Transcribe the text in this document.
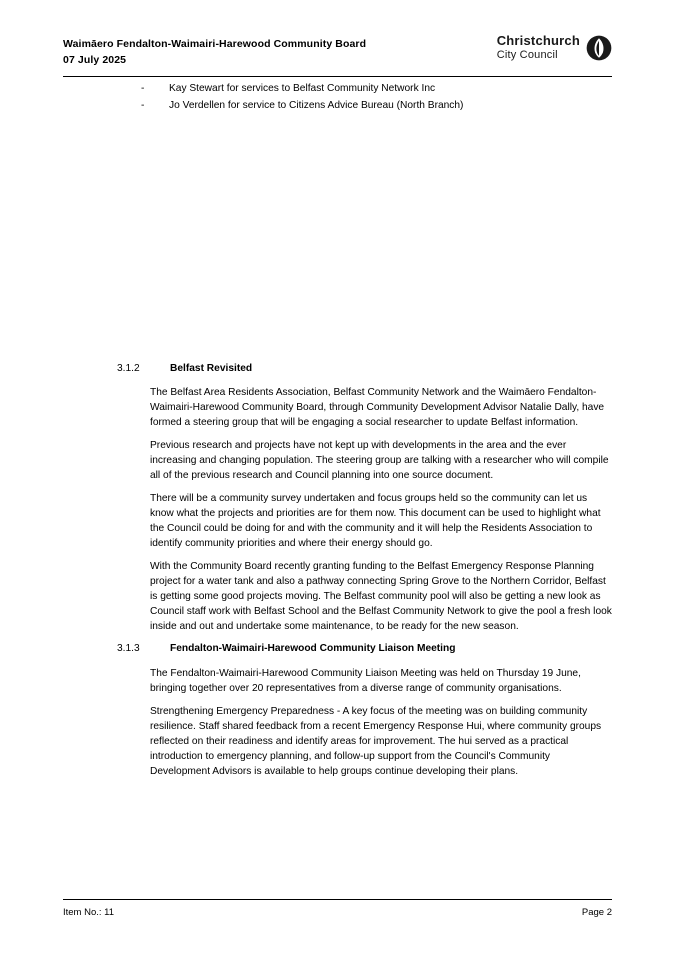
Waimāero Fendalton-Waimairi-Harewood Community Board
07 July 2025
Christchurch
City Council
-	Kay Stewart for services to Belfast Community Network Inc
-	Jo Verdellen for service to Citizens Advice Bureau (North Branch)
3.1.2	Belfast Revisited

The Belfast Area Residents Association, Belfast Community Network and the Waimāero Fendalton-Waimairi-Harewood Community Board, through Community Development Advisor Natalie Dally, have formed a steering group that will be engaging a social researcher to update Belfast information.

Previous research and projects have not kept up with developments in the area and the ever increasing and changing population. The steering group are talking with a researcher who will compile all of the previous research and Council planning into one source document.

There will be a community survey undertaken and focus groups held so the community can let us know what the projects and priorities are for them now. This document can be used to highlight what the Council could be doing for and with the community and it will help the Residents Association to identify community priorities and where their energy should go.

With the Community Board recently granting funding to the Belfast Emergency Response Planning project for a water tank and also a pathway connecting Spring Grove to the Northern Corridor, Belfast is getting some good projects moving. The Belfast community pool will also be getting a new look as Council staff work with Belfast School and the Belfast Community Network to give the pool a fresh look inside and out and undertake some maintenance, to be ready for the new season.

3.1.3	Fendalton-Waimairi-Harewood Community Liaison Meeting

The Fendalton-Waimairi-Harewood Community Liaison Meeting was held on Thursday 19 June, bringing together over 20 representatives from a diverse range of community organisations.

Strengthening Emergency Preparedness - A key focus of the meeting was on building community resilience. Staff shared feedback from a recent Emergency Response Hui, where community groups reflected on their readiness and identify areas for improvement. The hui served as a practical introduction to emergency planning, and follow-up support from the Council's Community Development Advisors is available to help groups continue developing their plans.

Item No.: 11	Page 2
